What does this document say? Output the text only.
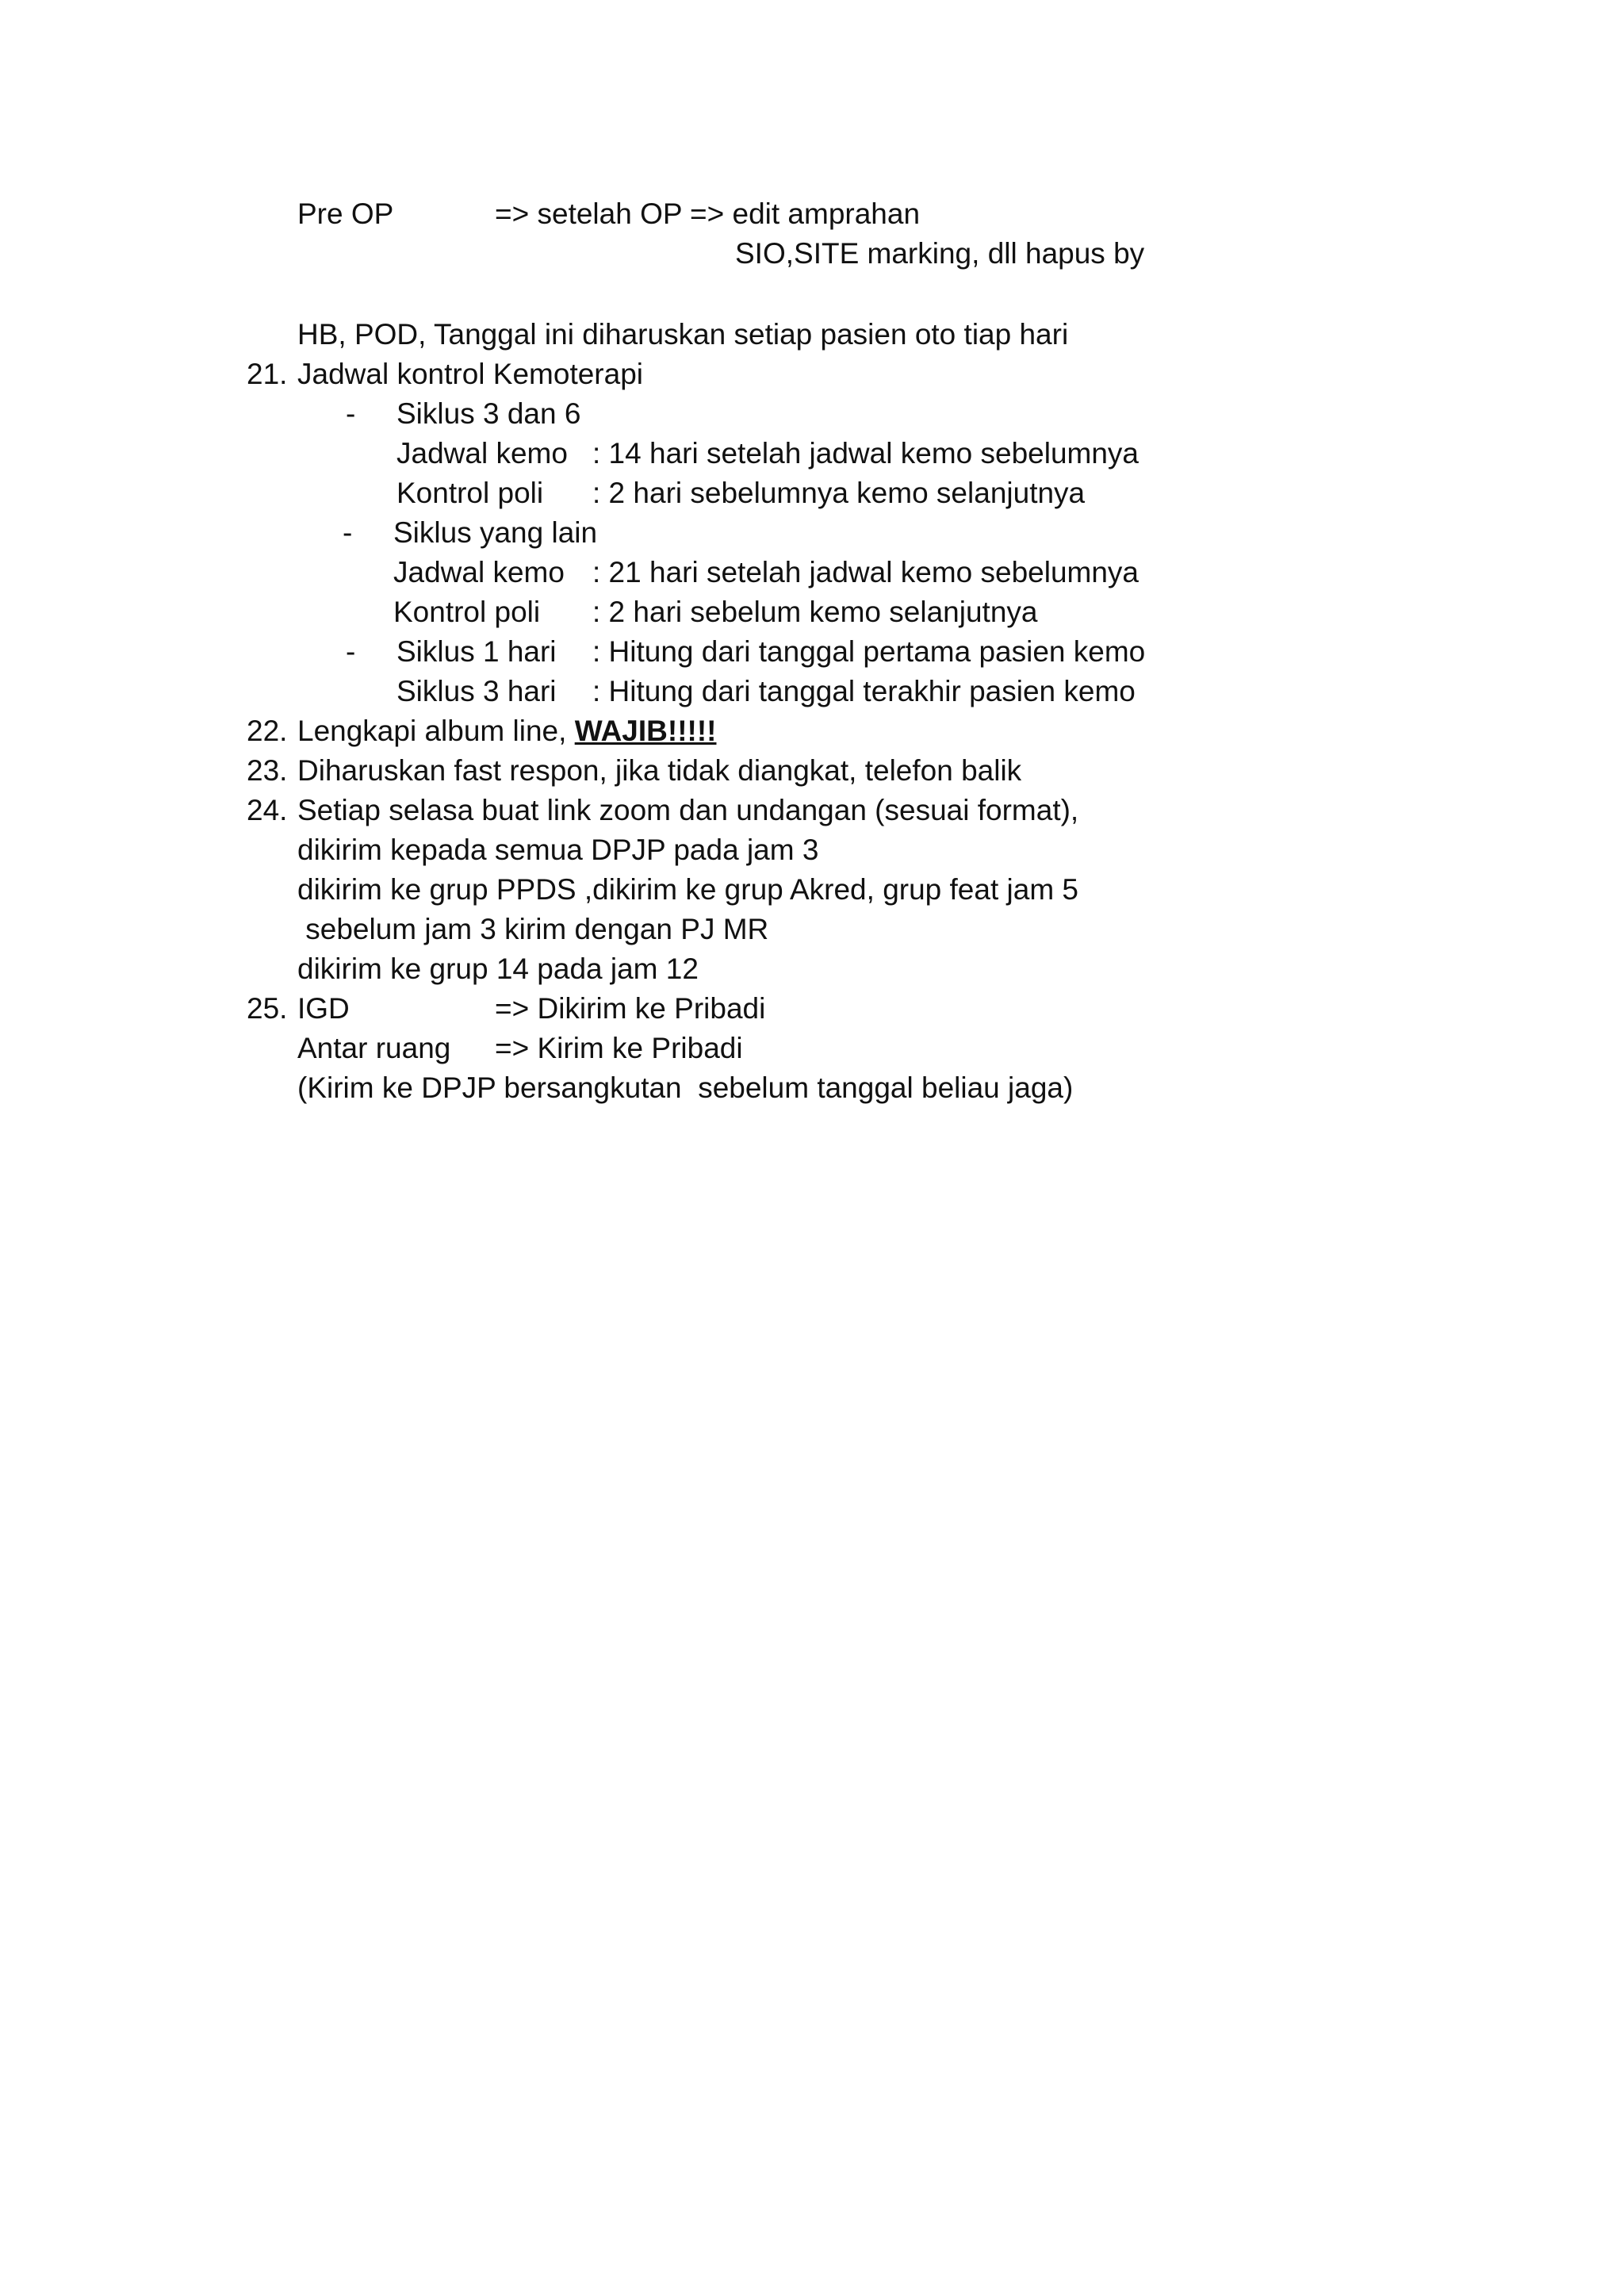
Pre OP	=> setelah OP => edit amprahan
SIO,SITE marking, dll hapus by
HB, POD, Tanggal ini diharuskan setiap pasien oto tiap hari
21. Jadwal kontrol Kemoterapi
- Siklus 3 dan 6
Jadwal kemo : 14 hari setelah jadwal kemo sebelumnya
Kontrol poli : 2 hari sebelumnya kemo selanjutnya
- Siklus yang lain
Jadwal kemo : 21 hari setelah jadwal kemo sebelumnya
Kontrol poli : 2 hari sebelum kemo selanjutnya
- Siklus 1 hari : Hitung dari tanggal pertama pasien kemo
Siklus 3 hari : Hitung dari tanggal terakhir pasien kemo
22. Lengkapi album line, WAJIB!!!!!
23. Diharuskan fast respon, jika tidak diangkat, telefon balik
24. Setiap selasa buat link zoom dan undangan (sesuai format),
dikirim kepada semua DPJP pada jam 3
dikirim ke grup PPDS ,dikirim ke grup Akred, grup feat jam 5
sebelum jam 3 kirim dengan PJ MR
dikirim ke grup 14 pada jam 12
25. IGD	=> Dikirim ke Pribadi
Antar ruang => Kirim ke Pribadi
(Kirim ke DPJP bersangkutan  sebelum tanggal beliau jaga)
